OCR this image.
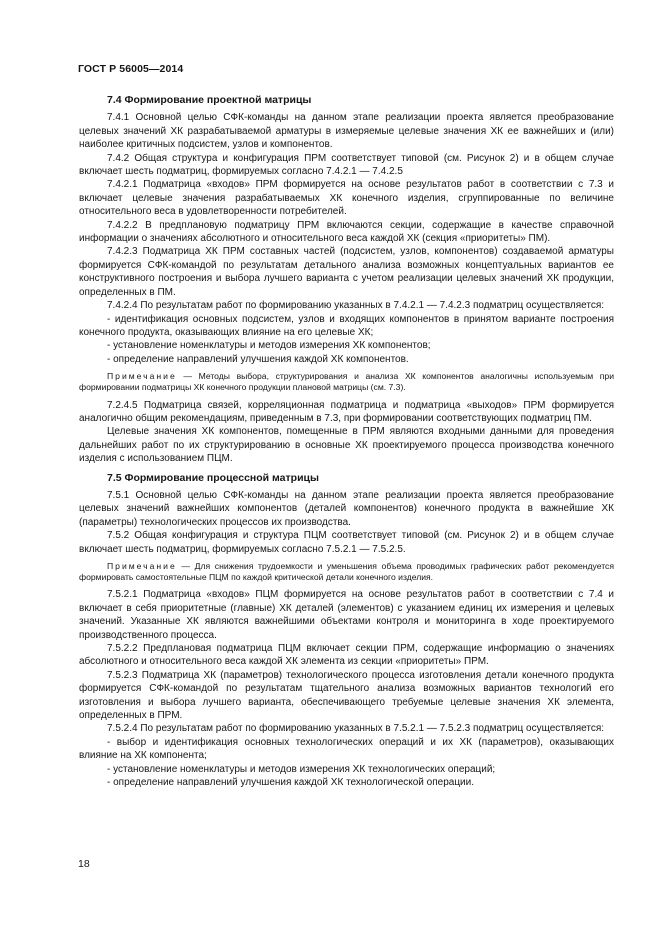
ГОСТ Р 56005—2014
7.4 Формирование проектной матрицы

7.4.1 Основной целью СФК-команды на данном этапе реализации проекта является преобразование целевых значений ХК разрабатываемой арматуры в измеряемые целевые значения ХК ее важнейших и (или) наиболее критичных подсистем, узлов и компонентов.

7.4.2 Общая структура и конфигурация ПРМ соответствует типовой (см. Рисунок 2) и в общем случае включает шесть подматриц, формируемых согласно 7.4.2.1 — 7.4.2.5

7.4.2.1 Подматрица «входов» ПРМ формируется на основе результатов работ в соответствии с 7.3 и включает целевые значения разрабатываемых ХК конечного изделия, сгруппированные по величине относительного веса в удовлетворенности потребителей.

7.4.2.2 В предплановую подматрицу ПРМ включаются секции, содержащие в качестве справочной информации о значениях абсолютного и относительного веса каждой ХК (секция «приоритеты» ПМ).

7.4.2.3 Подматрица ХК ПРМ составных частей (подсистем, узлов, компонентов) создаваемой арматуры формируется СФК-командой по результатам детального анализа возможных концептуальных вариантов ее конструктивного построения и выбора лучшего варианта с учетом реализации целевых значений ХК продукции, определенных в ПМ.

7.4.2.4 По результатам работ по формированию указанных в 7.4.2.1 — 7.4.2.3 подматриц осуществляется:

- идентификация основных подсистем, узлов и входящих компонентов в принятом варианте построения конечного продукта, оказывающих влияние на его целевые ХК;

- установление номенклатуры и методов измерения ХК компонентов;

- определение направлений улучшения каждой ХК компонентов.

Примечание — Методы выбора, структурирования и анализа ХК компонентов аналогичны используемым при формировании подматрицы ХК конечного продукции плановой матрицы (см. 7.3).

7.2.4.5 Подматрица связей, корреляционная подматрица и подматрица «выходов» ПРМ формируется аналогично общим рекомендациям, приведенным в 7.3, при формировании соответствующих подматриц ПМ.

Целевые значения ХК компонентов, помещенные в ПРМ являются входными данными для проведения дальнейших работ по их структурированию в основные ХК проектируемого процесса производства конечного изделия с использованием ПЦМ.

7.5 Формирование процессной матрицы

7.5.1 Основной целью СФК-команды на данном этапе реализации проекта является преобразование целевых значений важнейших компонентов (деталей компонентов) конечного продукта в важнейшие ХК (параметры) технологических процессов их производства.

7.5.2 Общая конфигурация и структура ПЦМ соответствует типовой (см. Рисунок 2) и в общем случае включает шесть подматриц, формируемых согласно 7.5.2.1 — 7.5.2.5.

Примечание — Для снижения трудоемкости и уменьшения объема проводимых графических работ рекомендуется формировать самостоятельные ПЦМ по каждой критической детали конечного изделия.

7.5.2.1 Подматрица «входов» ПЦМ формируется на основе результатов работ в соответствии с 7.4 и включает в себя приоритетные (главные) ХК деталей (элементов) с указанием единиц их измерения и целевых значений. Указанные ХК являются важнейшими объектами контроля и мониторинга в ходе проектируемого производственного процесса.

7.5.2.2 Предплановая подматрица ПЦМ включает секции ПРМ, содержащие информацию о значениях абсолютного и относительного веса каждой ХК элемента из секции «приоритеты» ПРМ.

7.5.2.3 Подматрица ХК (параметров) технологического процесса изготовления детали конечного продукта формируется СФК-командой по результатам тщательного анализа возможных вариантов технологий его изготовления и выбора лучшего варианта, обеспечивающего требуемые целевые значения ХК элемента, определенных в ПРМ.

7.5.2.4 По результатам работ по формированию указанных в 7.5.2.1 — 7.5.2.3 подматриц осуществляется:

- выбор и идентификация основных технологических операций и их ХК (параметров), оказывающих влияние на ХК компонента;

- установление номенклатуры и методов измерения ХК технологических операций;

- определение направлений улучшения каждой ХК технологической операции.

18
